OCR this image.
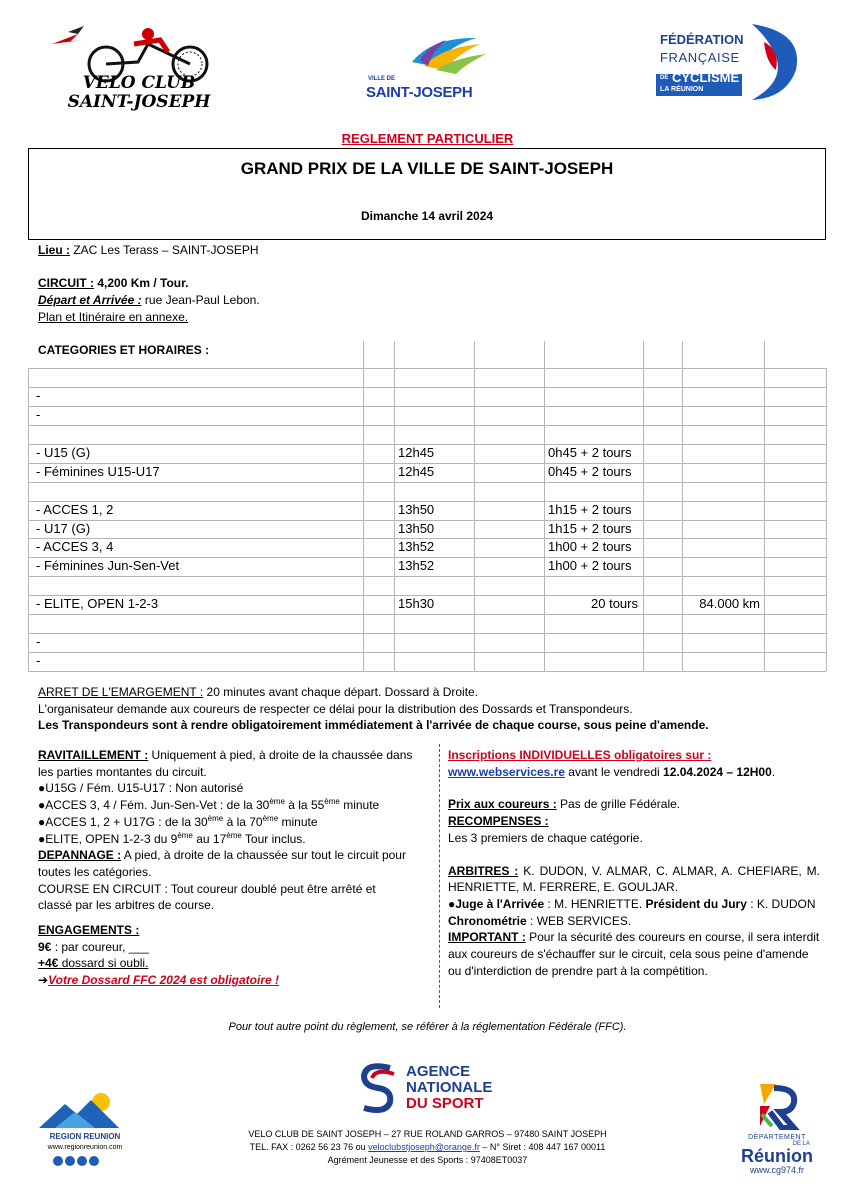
VELO CLUB
SAINT-JOSEPH
VILLE DE
SAINT-JOSEPH
FÉDÉRATION
FRANÇAISE
DE CYCLISME
LA RÉUNION
REGLEMENT PARTICULIER
GRAND PRIX DE LA VILLE DE SAINT-JOSEPH
Dimanche 14 avril 2024
Lieu : ZAC Les Terass – SAINT-JOSEPH
CIRCUIT : 4,200 Km / Tour.
Départ et Arrivée : rue Jean-Paul Lebon.
Plan et Itinéraire en annexe.
CATEGORIES ET HORAIRES :
-
-
- U15 (G)	12h45	0h45 + 2 tours
- Féminines U15-U17	12h45	0h45 + 2 tours
- ACCES 1, 2	13h50	1h15 + 2 tours
- U17 (G)	13h50	1h15 + 2 tours
- ACCES 3, 4	13h52	1h00 + 2 tours
- Féminines Jun-Sen-Vet	13h52	1h00 + 2 tours
- ELITE, OPEN 1-2-3	15h30	20 tours	84.000 km
-
-
ARRET DE L'EMARGEMENT : 20 minutes avant chaque départ. Dossard à Droite.
L'organisateur demande aux coureurs de respecter ce délai pour la distribution des Dossards et Transpondeurs.
Les Transpondeurs sont à rendre obligatoirement immédiatement à l'arrivée de chaque course, sous peine d'amende.
RAVITAILLEMENT : Uniquement à pied, à droite de la chaussée dans les parties montantes du circuit.
●U15G / Fém. U15-U17 : Non autorisé
●ACCES 3, 4 / Fém. Jun-Sen-Vet : de la 30ème à la 55ème minute
●ACCES 1, 2 + U17G : de la 30ème à la 70ème minute
●ELITE, OPEN 1-2-3 du 9ème au 17ème Tour inclus.
DEPANNAGE : A pied, à droite de la chaussée sur tout le circuit pour toutes les catégories.
COURSE EN CIRCUIT : Tout coureur doublé peut être arrêté et classé par les arbitres de course.
ENGAGEMENTS :
9€ : par coureur, ___
+4€ dossard si oubli.
➔Votre Dossard FFC 2024 est obligatoire !
Inscriptions INDIVIDUELLES obligatoires sur :
www.webservices.re avant le vendredi 12.04.2024 – 12H00.
Prix aux coureurs : Pas de grille Fédérale.
RECOMPENSES :
Les 3 premiers de chaque catégorie.
ARBITRES : K. DUDON, V. ALMAR, C. ALMAR, A. CHEFIARE, M. HENRIETTE, M. FERRERE, E. GOULJAR.
●Juge à l'Arrivée : M. HENRIETTE. Président du Jury : K. DUDON
Chronométrie : WEB SERVICES.
IMPORTANT : Pour la sécurité des coureurs en course, il sera interdit aux coureurs de s'échauffer sur le circuit, cela sous peine d'amende ou d'interdiction de prendre part à la compétition.
Pour tout autre point du règlement, se référer à la réglementation Fédérale (FFC).
AGENCE
NATIONALE
DU SPORT
REGION REUNION
www.regionreunion.com
VELO CLUB DE SAINT JOSEPH – 27 RUE ROLAND GARROS – 97480 SAINT JOSEPH
TEL. FAX : 0262 56 23 76 ou veloclubstjoseph@orange.fr – N° Siret : 408 447 167 00011
Agrément Jeunesse et des Sports : 97408ET0037
DÉPARTEMENT
DE LA
Réunion
www.cg974.fr
